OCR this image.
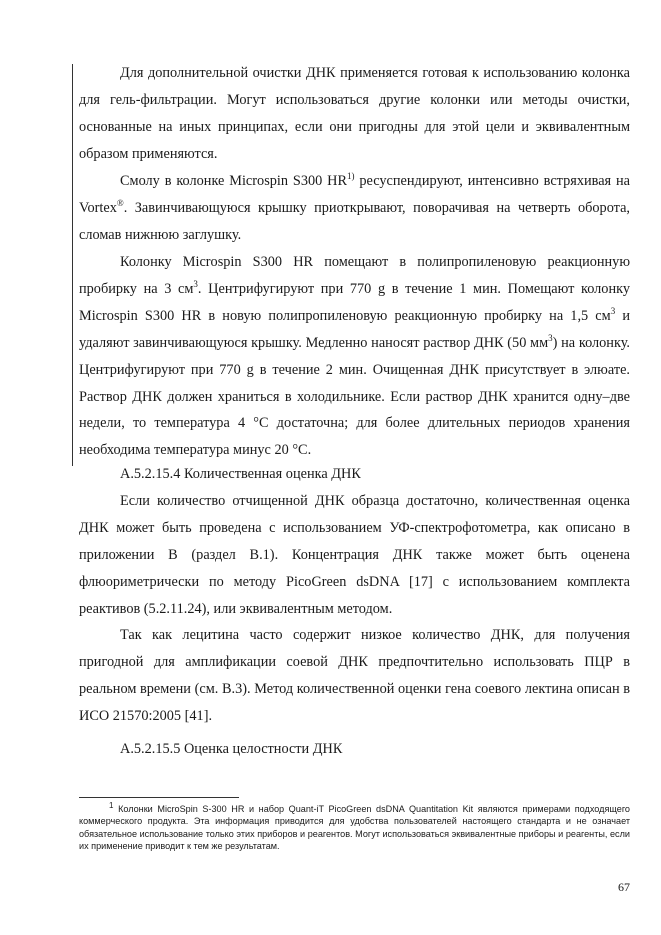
Для дополнительной очистки ДНК применяется готовая к использованию колонка для гель-фильтрации. Могут использоваться другие колонки или методы очистки, основанные на иных принципах, если они пригодны для этой цели и эквивалентным образом применяются.

Смолу в колонке Microspin S300 HR$^{1)}$ ресуспендируют, интенсивно встряхивая на Vortex®. Завинчивающуюся крышку приоткрывают, поворачивая на четверть оборота, сломав нижнюю заглушку.

Колонку Microspin S300 HR помещают в полипропиленовую реакционную пробирку на 3 $см^3$. Центрифугируют при 770 g в течение 1 мин. Помещают колонку Microspin S300 HR в новую полипропиленовую реакционную пробирку на 1,5 $см^3$ и удаляют завинчивающуюся крышку. Медленно наносят раствор ДНК (50 $мм^3$) на колонку. Центрифугируют при 770 g в течение 2 мин. Очищенная ДНК присутствует в элюате. Раствор ДНК должен храниться в холодильнике. Если раствор ДНК хранится одну–две недели, то температура 4 °С достаточна; для более длительных периодов хранения необходима температура минус 20 °С.

А.5.2.15.4 Количественная оценка ДНК

Если количество отчищенной ДНК образца достаточно, количественная оценка ДНК может быть проведена с использованием УФ-спектрофотометра, как описано в приложении В (раздел В.1). Концентрация ДНК также может быть оценена флюориметрически по методу PicoGreen dsDNA [17] с использованием комплекта реактивов (5.2.11.24), или эквивалентным методом.

Так как лецитина часто содержит низкое количество ДНК, для получения пригодной для амплификации соевой ДНК предпочтительно использовать ПЦР в реальном времени (см. В.3). Метод количественной оценки гена соевого лектина описан в ИСО 21570:2005 [41].

А.5.2.15.5 Оценка целостности ДНК

$^1$ Колонки MicroSpin S-300 HR и набор Quant-iT PicoGreen dsDNA Quantitation Kit являются примерами подходящего коммерческого продукта. Эта информация приводится для удобства пользователей настоящего стандарта и не означает обязательное использование только этих приборов и реагентов. Могут использоваться эквивалентные приборы и реагенты, если их применение приводит к тем же результатам.

67
